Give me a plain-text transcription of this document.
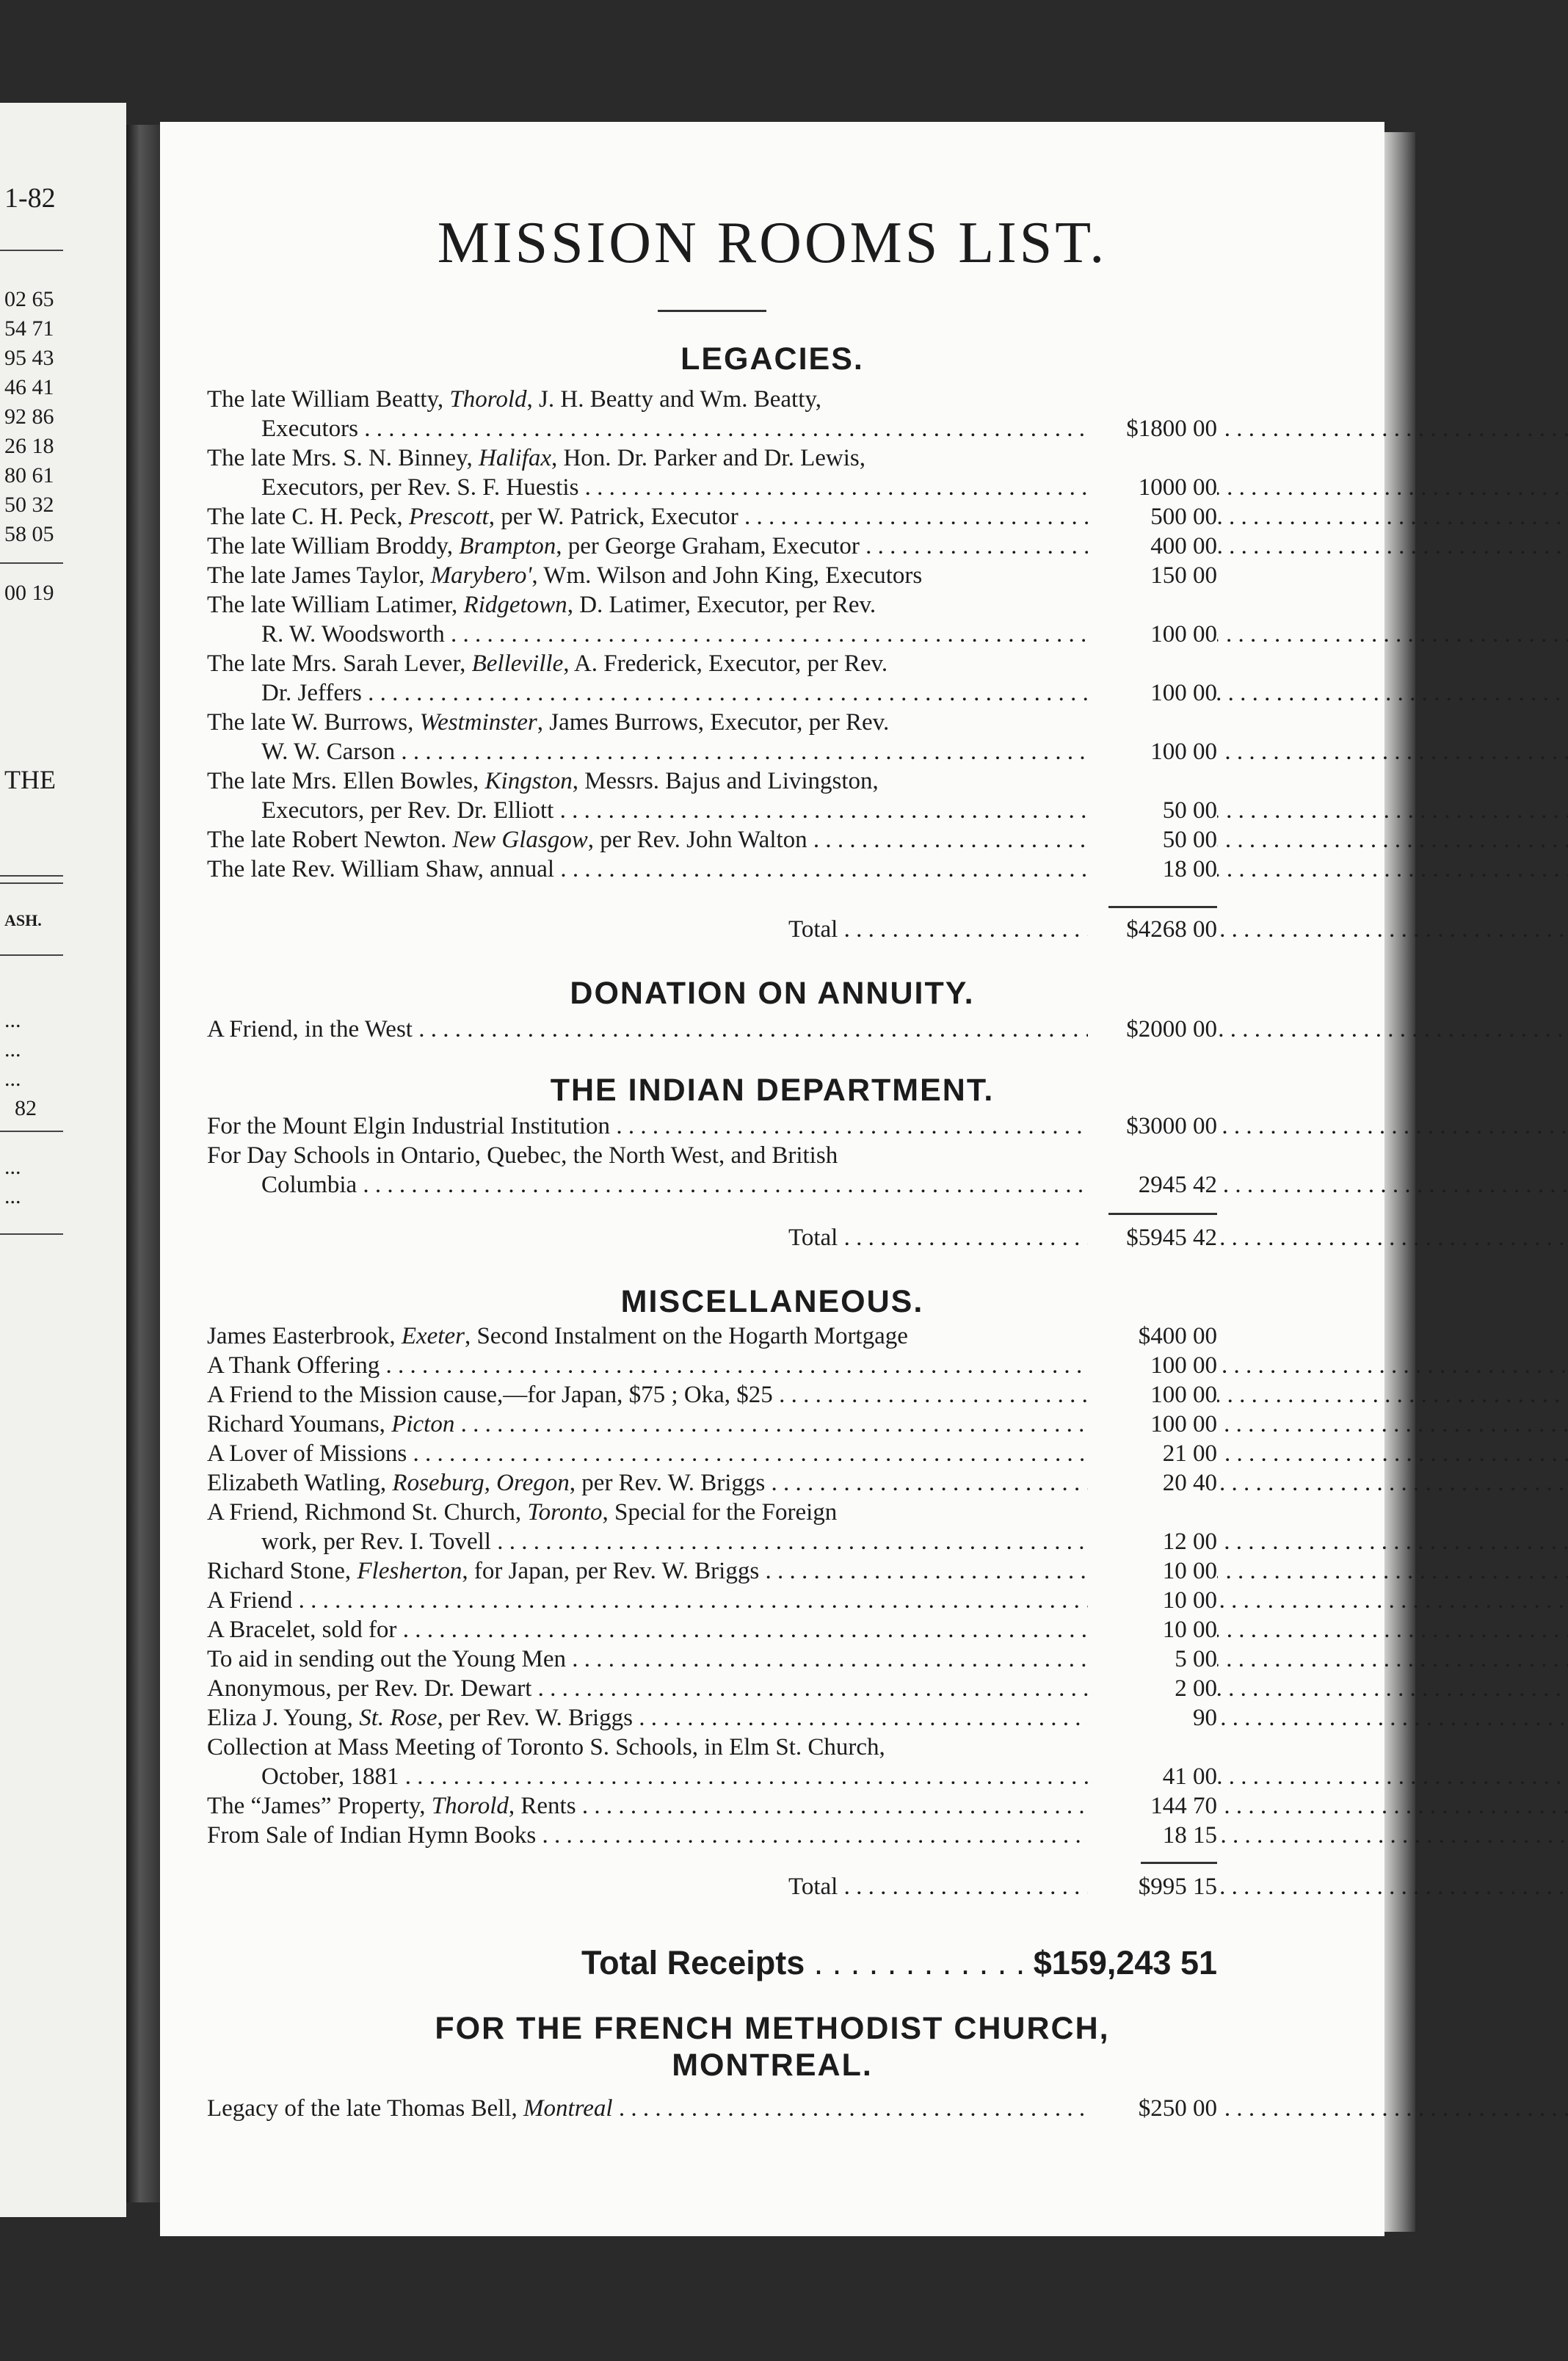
1-82
02 65
54 71
95 43
46 41
92 86
26 18
80 61
50 32
58 05
00 19
THE
ASH.
...
...
...
82
...
...
MISSION ROOMS LIST.
LEGACIES.
The late William Beatty, Thorold, J. H. Beatty and Wm. Beatty,
Executors . . .	$1800 00
The late Mrs. S. N. Binney, Halifax, Hon. Dr. Parker and Dr. Lewis,
Executors, per Rev. S. F. Huestis . . .	1000 00
The late C. H. Peck, Prescott, per W. Patrick, Executor . . .	500 00
The late William Broddy, Brampton, per George Graham, Executor . . .	400 00
The late James Taylor, Marybero', Wm. Wilson and John King, Executors	150 00
The late William Latimer, Ridgetown, D. Latimer, Executor, per Rev.
R. W. Woodsworth . . .	100 00
The late Mrs. Sarah Lever, Belleville, A. Frederick, Executor, per Rev.
Dr. Jeffers . . .	100 00
The late W. Burrows, Westminster, James Burrows, Executor, per Rev.
W. W. Carson . . .	100 00
The late Mrs. Ellen Bowles, Kingston, Messrs. Bajus and Livingston,
Executors, per Rev. Dr. Elliott . . .	50 00
The late Robert Newton. New Glasgow, per Rev. John Walton . . .	50 00
The late Rev. William Shaw, annual . . .	18 00
Total . . .	$4268 00
DONATION ON ANNUITY.
A Friend, in the West . . .	$2000 00
THE INDIAN DEPARTMENT.
For the Mount Elgin Industrial Institution . . .	$3000 00
For Day Schools in Ontario, Quebec, the North West, and British
Columbia . . .	2945 42
Total . . .	$5945 42
MISCELLANEOUS.
James Easterbrook, Exeter, Second Instalment on the Hogarth Mortgage	$400 00
A Thank Offering . . .	100 00
A Friend to the Mission cause,—for Japan, $75 ; Oka, $25 . . .	100 00
Richard Youmans, Picton . . .	100 00
A Lover of Missions . . .	21 00
Elizabeth Watling, Roseburg, Oregon, per Rev. W. Briggs . . .	20 40
A Friend, Richmond St. Church, Toronto, Special for the Foreign
work, per Rev. I. Tovell . . .	12 00
Richard Stone, Flesherton, for Japan, per Rev. W. Briggs . . .	10 00
A Friend . . .	10 00
A Bracelet, sold for . . .	10 00
To aid in sending out the Young Men . . .	5 00
Anonymous, per Rev. Dr. Dewart . . .	2 00
Eliza J. Young, St. Rose, per Rev. W. Briggs . . .	90
Collection at Mass Meeting of Toronto S. Schools, in Elm St. Church,
October, 1881 . . .	41 00
The “James” Property, Thorold, Rents . . .	144 70
From Sale of Indian Hymn Books . . .	18 15
Total . . .	$995 15
Total Receipts . . .	$159,243 51
FOR THE FRENCH METHODIST CHURCH,
MONTREAL.
Legacy of the late Thomas Bell, Montreal . . .	$250 00
